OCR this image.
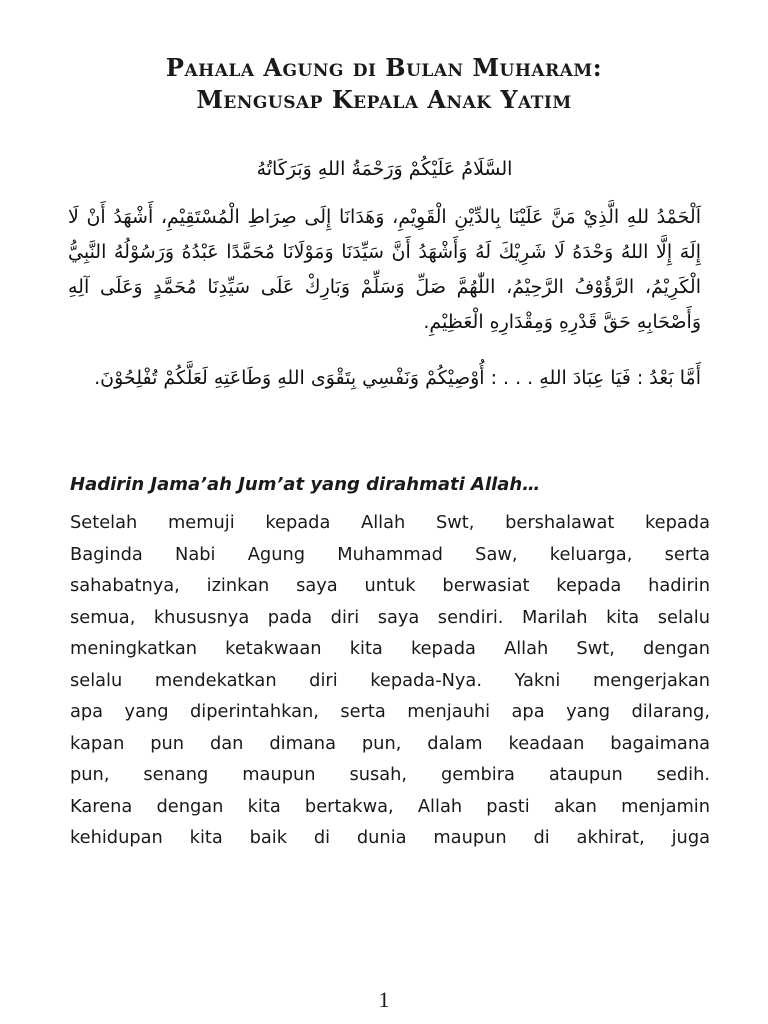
Pahala Agung di Bulan Muharam:
Mengusap Kepala Anak Yatim
السَّلَامُ عَلَيْكُمْ وَرَحْمَةُ اللهِ وَبَرَكَاتُهُ
اَلْحَمْدُ للهِ الَّذِيْ مَنَّ عَلَيْنَا بِالدِّيْنِ الْقَوِيْمِ، وَهَدَانَا إِلَى صِرَاطِ الْمُسْتَقِيْمِ، أَشْهَدُ أَنْ لَا إِلَهَ إِلَّا اللهُ وَحْدَهُ لَا شَرِيْكَ لَهُ وَأَشْهَدُ أَنَّ سَيِّدَنَا وَمَوْلَانَا مُحَمَّدًا عَبْدُهُ وَرَسُوْلُهُ النَّبِيُّ الْكَرِيْمُ، الرَّؤُوْفُ الرَّحِيْمُ، اللّٰهُمَّ صَلِّ وَسَلِّمْ وَبَارِكْ عَلَى سَيِّدِنَا مُحَمَّدٍ وَعَلَى آلِهِ وَأَصْحَابِهِ حَقَّ قَدْرِهِ وَمِقْدَارِهِ الْعَظِيْمِ.
أَمَّا بَعْدُ : فَيَا عِبَادَ اللهِ . . . : أُوْصِيْكُمْ وَنَفْسِي بِتَقْوَى اللهِ وَطَاعَتِهِ لَعَلَّكُمْ تُفْلِحُوْنَ.
Hadirin Jama’ah Jum’at yang dirahmati Allah…
Setelah memuji kepada Allah Swt, bershalawat kepada
Baginda Nabi Agung Muhammad Saw, keluarga, serta
sahabatnya, izinkan saya untuk berwasiat kepada hadirin
semua, khususnya pada diri saya sendiri. Marilah kita selalu
meningkatkan ketakwaan kita kepada Allah Swt, dengan
selalu mendekatkan diri kepada-Nya. Yakni mengerjakan
apa yang diperintahkan, serta menjauhi apa yang dilarang,
kapan pun dan dimana pun, dalam keadaan bagaimana
pun, senang maupun susah, gembira ataupun sedih.
Karena dengan kita bertakwa, Allah pasti akan menjamin
kehidupan kita baik di dunia maupun di akhirat, juga
1
